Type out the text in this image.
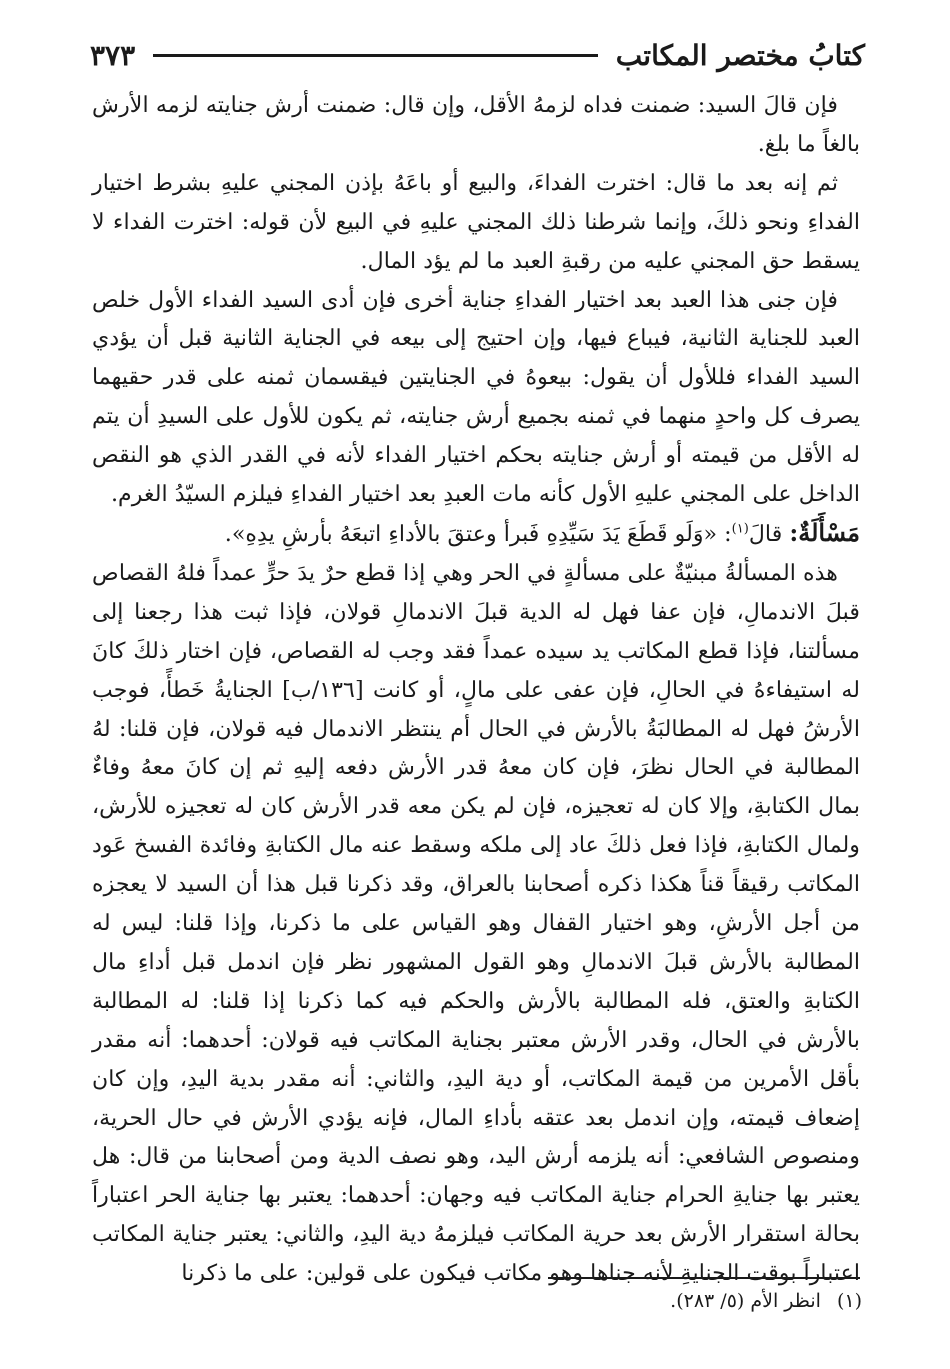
كتابُ مختصر المكاتب
٣٧٣

فإن قالَ السيد: ضمنت فداه لزمهُ الأقل، وإن قال: ضمنت أرش جنايته لزمه الأرش بالغاً ما بلغ.

ثم إنه بعد ما قال: اخترت الفداءَ، والبيع أو باعَهُ بإذن المجني عليهِ بشرط اختيار الفداءِ ونحو ذلكَ، وإنما شرطنا ذلك المجني عليهِ في البيع لأن قوله: اخترت الفداء لا يسقط حق المجني عليه من رقبةِ العبد ما لم يؤد المال.

فإن جنى هذا العبد بعد اختيار الفداءِ جناية أخرى فإن أدى السيد الفداء الأول خلص العبد للجناية الثانية، فيباع فيها، وإن احتيج إلى بيعه في الجناية الثانية قبل أن يؤدي السيد الفداء فللأول أن يقول: بيعوهُ في الجنايتين فيقسمان ثمنه على قدر حقيهما يصرف كل واحدٍ منهما في ثمنه بجميع أرش جنايته، ثم يكون للأول على السيدِ أن يتم له الأقل من قيمته أو أرش جنايته بحكم اختيار الفداء لأنه في القدر الذي هو النقص الداخل على المجني عليهِ الأول كأنه مات العبدِ بعد اختيار الفداءِ فيلزم السيّدُ الغرم.

مَسْأَلَةٌ: قالَ$^{(١)}$: «وَلَو قَطَعَ يَدَ سَيِّدِهِ فَبرأ وعتقَ بالأداءِ اتبعَهُ بأرشِ يدِهِ».

هذه المسألةُ مبنيّةٌ على مسألةٍ في الحر وهي إذا قطع حرٌ يدَ حرٍّ عمداً فلهُ القصاص قبلَ الاندمالِ، فإن عفا فهل له الدية قبلَ الاندمالِ قولان، فإذا ثبت هذا رجعنا إلى مسألتنا، فإذا قطع المكاتب يد سيده عمداً فقد وجب له القصاص، فإن اختار ذلكَ كانَ له استيفاءهُ في الحالِ، فإن عفى على مالٍ، أو كانت [١٣٦/ب] الجنايةُ خَطأً، فوجب الأرشُ فهل له المطالبَةُ بالأرش في الحال أم ينتظر الاندمال فيه قولان، فإن قلنا: لهُ المطالبة في الحال نظرَ، فإن كان معهُ قدر الأرش دفعه إليهِ ثم إن كانَ معهُ وفاءٌ بمال الكتابةِ، وإلا كان له تعجيزه، فإن لم يكن معه قدر الأرش كان له تعجيزه للأرش، ولمال الكتابةِ، فإذا فعل ذلكَ عاد إلى ملكه وسقط عنه مال الكتابةِ وفائدة الفسخ عَود المكاتب رقيقاً قناً هكذا ذكره أصحابنا بالعراق، وقد ذكرنا قبل هذا أن السيد لا يعجزه من أجل الأرشِ، وهو اختيار القفال وهو القياس على ما ذكرنا، وإذا قلنا: ليس له المطالبة بالأرش قبلَ الاندمالِ وهو القول المشهور نظر فإن اندمل قبل أداءِ مال الكتابةِ والعتق، فله المطالبة بالأرش والحكم فيه كما ذكرنا إذا قلنا: له المطالبة بالأرش في الحال، وقدر الأرش معتبر بجناية المكاتب فيه قولان: أحدهما: أنه مقدر بأقل الأمرين من قيمة المكاتب، أو دية اليدِ، والثاني: أنه مقدر بدية اليدِ، وإن كان إضعاف قيمته، وإن اندمل بعد عتقه بأداءِ المال، فإنه يؤدي الأرش في حال الحرية، ومنصوص الشافعي: أنه يلزمه أرش اليد، وهو نصف الدية ومن أصحابنا من قال: هل يعتبر بها جنايةِ الحرام جناية المكاتب فيه وجهان: أحدهما: يعتبر بها جناية الحر اعتباراً بحالة استقرار الأرش بعد حرية المكاتب فيلزمهُ دية اليدِ، والثاني: يعتبر جناية المكاتب اعتباراً بوقت الجنايةِ لأنه جناها وهو مكاتب فيكون على قولين: على ما ذكرنا

(١)انظر الأم (٥/ ٢٨٣).
